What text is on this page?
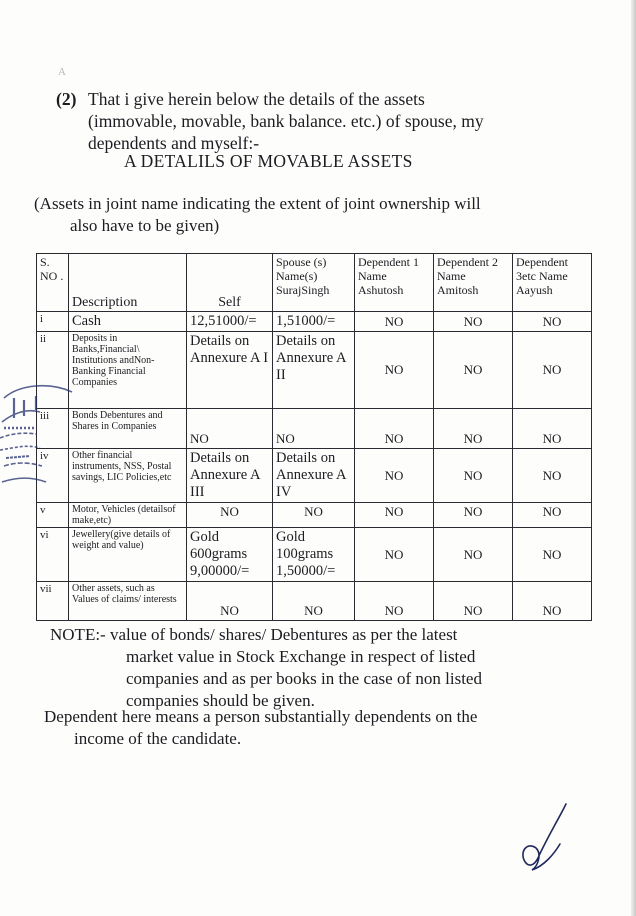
A
(2) That i give herein below the details of the assets
(immovable, movable, bank balance. etc.) of spouse, my
dependents and myself:-
A DETALILS OF MOVABLE ASSETS
(Assets in joint name indicating the extent of joint ownership will
also have to be given)
S. NO .	Description	Self	Spouse (s) Name(s) SurajSingh	Dependent 1 Name Ashutosh	Dependent 2 Name Amitosh	Dependent 3etc Name Aayush
i	Cash	12,51000/=	1,51000/=	NO	NO	NO
ii	Deposits in Banks,Financial\ Institutions andNon-Banking Financial Companies	Details on Annexure A I	Details on Annexure A II	NO	NO	NO
iii	Bonds Debentures and Shares in Companies	NO	NO	NO	NO	NO
iv	Other financial instruments, NSS, Postal savings, LIC Policies,etc	Details on Annexure A III	Details on Annexure A IV	NO	NO	NO
v	Motor, Vehicles (detailsof make,etc)	NO	NO	NO	NO	NO
vi	Jewellery(give details of weight and value)	Gold 600grams 9,00000/=	Gold 100grams 1,50000/=	NO	NO	NO
vii	Other assets, such as Values of claims/ interests	NO	NO	NO	NO	NO
NOTE:- value of bonds/ shares/ Debentures as per the latest
market value in Stock Exchange in respect of listed
companies and as per books in the case of non listed
companies should be given.
Dependent here means a person substantially dependents on the
income of the candidate.
